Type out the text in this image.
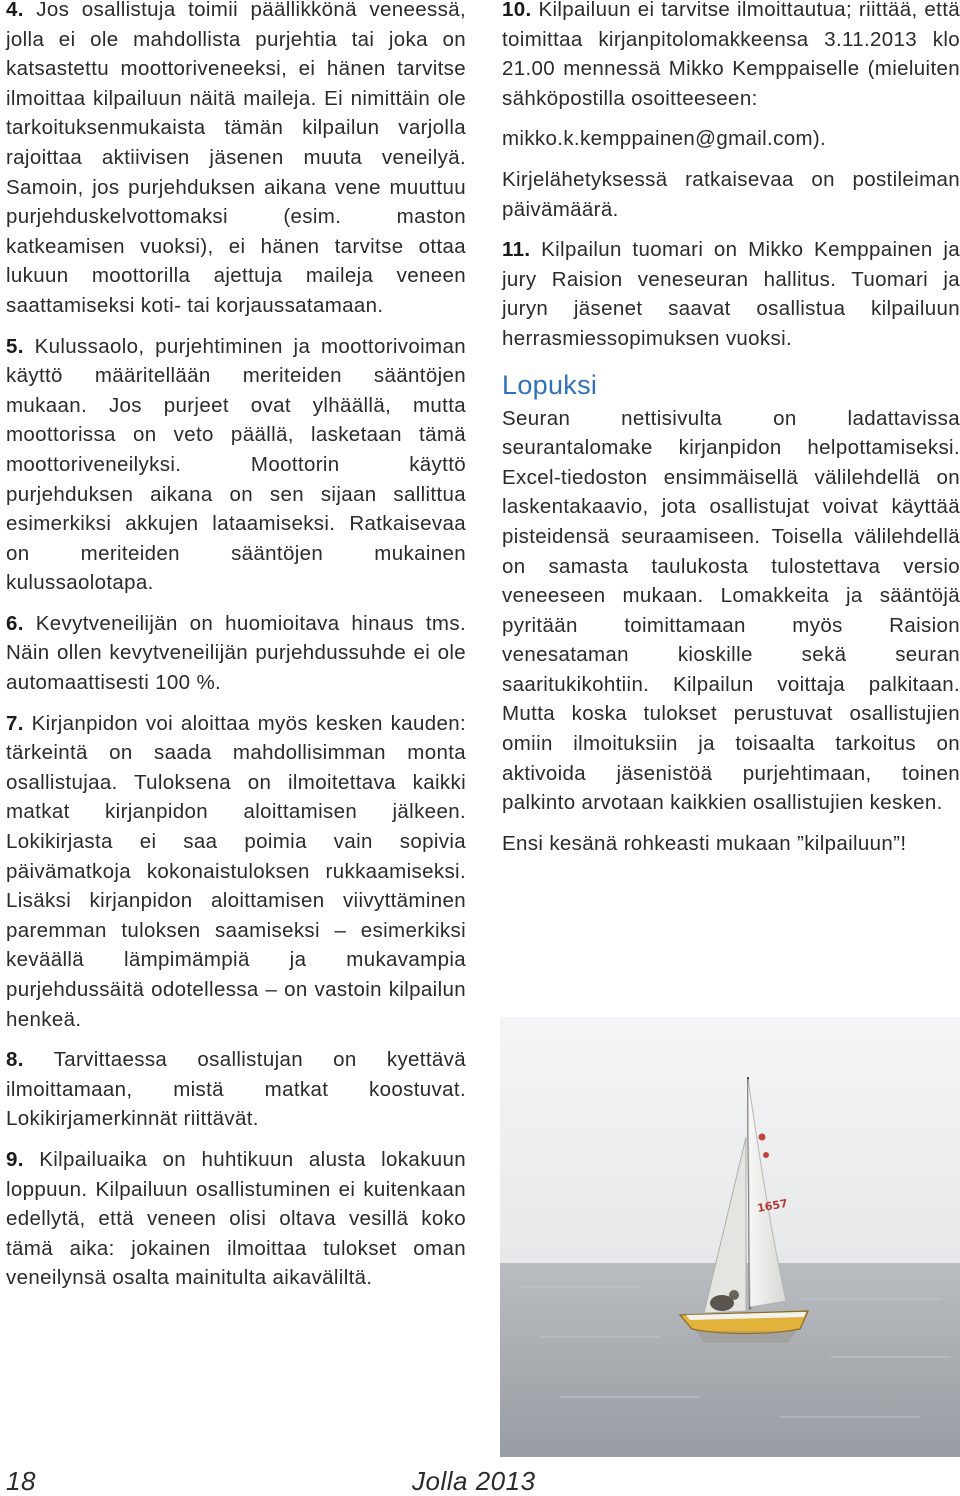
4. Jos osallistuja toimii päällikkönä veneessä, jolla ei ole mahdollista purjehtia tai joka on katsastettu moottoriveneeksi, ei hänen tarvitse ilmoittaa kilpailuun näitä maileja. Ei nimittäin ole tarkoituksenmukaista tämän kilpailun varjolla rajoittaa aktiivisen jäsenen muuta veneilyä. Samoin, jos purjehduksen aikana vene muuttuu purjehduskelvottomaksi (esim. maston katkeamisen vuoksi), ei hänen tarvitse ottaa lukuun moottorilla ajettuja maileja veneen saattamiseksi koti- tai korjaussatamaan.

5. Kulussaolo, purjehtiminen ja moottorivoiman käyttö määritellään meriteiden sääntöjen mukaan. Jos purjeet ovat ylhäällä, mutta moottorissa on veto päällä, lasketaan tämä moottoriveneilyksi. Moottorin käyttö purjehduksen aikana on sen sijaan sallittua esimerkiksi akkujen lataamiseksi. Ratkaisevaa on meriteiden sääntöjen mukainen kulussaolotapa.

6. Kevytveneilijän on huomioitava hinaus tms. Näin ollen kevytveneilijän purjehdussuhde ei ole automaattisesti 100 %.

7. Kirjanpidon voi aloittaa myös kesken kauden: tärkeintä on saada mahdollisimman monta osallistujaa. Tuloksena on ilmoitettava kaikki matkat kirjanpidon aloittamisen jälkeen. Lokikirjasta ei saa poimia vain sopivia päivämatkoja kokonaistuloksen rukkaamiseksi. Lisäksi kirjanpidon aloittamisen viivyttäminen paremman tuloksen saamiseksi – esimerkiksi keväällä lämpimämpiä ja mukavampia purjehdussäitä odotellessa – on vastoin kilpailun henkeä.

8. Tarvittaessa osallistujan on kyettävä ilmoittamaan, mistä matkat koostuvat. Lokikirjamerkinnät riittävät.

9. Kilpailuaika on huhtikuun alusta lokakuun loppuun. Kilpailuun osallistuminen ei kuitenkaan edellytä, että veneen olisi oltava vesillä koko tämä aika: jokainen ilmoittaa tulokset oman veneilynsä osalta mainitulta aikaväliltä.

10. Kilpailuun ei tarvitse ilmoittautua; riittää, että toimittaa kirjanpitolomakkeensa 3.11.2013 klo 21.00 mennessä Mikko Kemppaiselle (mieluiten sähköpostilla osoitteeseen:

mikko.k.kemppainen@gmail.com).

Kirjelähetyksessä ratkaisevaa on postileiman päivämäärä.

11. Kilpailun tuomari on Mikko Kemppainen ja jury Raision veneseuran hallitus. Tuomari ja juryn jäsenet saavat osallistua kilpailuun herrasmiessopimuksen vuoksi.

Lopuksi

Seuran nettisivulta on ladattavissa seurantalomake kirjanpidon helpottamiseksi. Excel-tiedoston ensimmäisellä välilehdellä on laskentakaavio, jota osallistujat voivat käyttää pisteidensä seuraamiseen. Toisella välilehdellä on samasta taulukosta tulostettava versio veneeseen mukaan. Lomakkeita ja sääntöjä pyritään toimittamaan myös Raision venesataman kioskille sekä seuran saaritukikohtiin. Kilpailun voittaja palkitaan. Mutta koska tulokset perustuvat osallistujien omiin ilmoituksiin ja toisaalta tarkoitus on aktivoida jäsenistöä purjehtimaan, toinen palkinto arvotaan kaikkien osallistujien kesken.

Ensi kesänä rohkeasti mukaan ”kilpailuun”!

1657
18	Jolla 2013
